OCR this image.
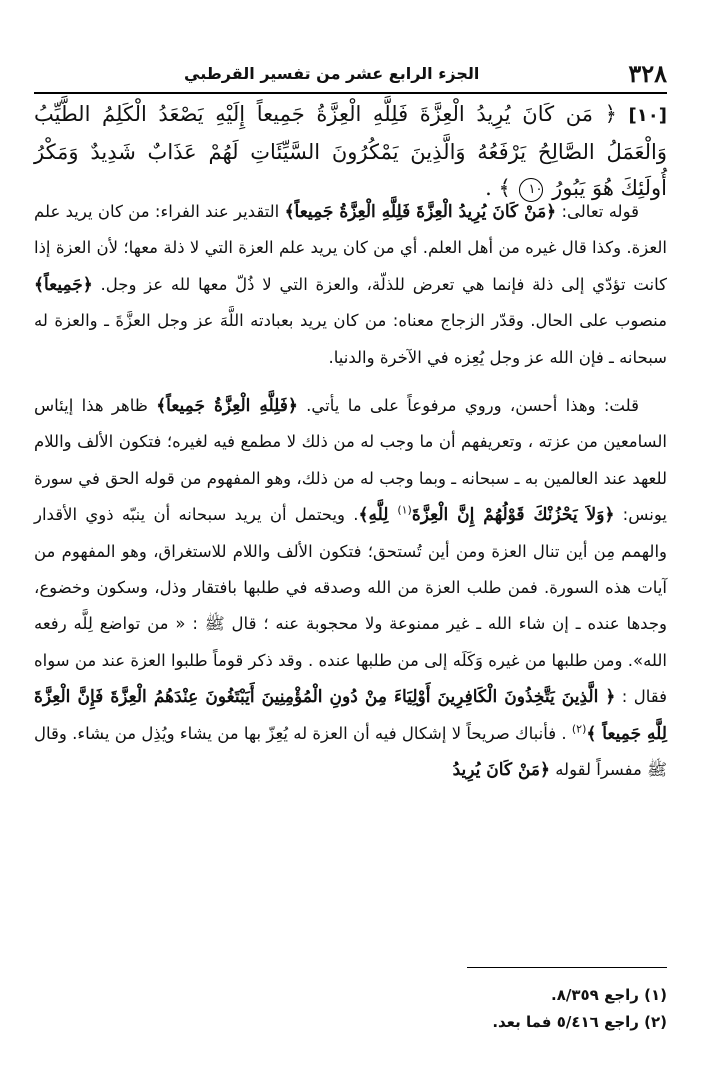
٣٢٨
الجزء الرابع عشر من تفسير القرطبي
[١٠] ﴿ مَن كَانَ يُرِيدُ الْعِزَّةَ فَلِلَّهِ الْعِزَّةُ جَمِيعاً إِلَيْهِ يَصْعَدُ الْكَلِمُ الطَّيِّبُ وَالْعَمَلُ الصَّالِحُ يَرْفَعُهُ وَالَّذِينَ يَمْكُرُونَ السَّيِّئَاتِ لَهُمْ عَذَابٌ شَدِيدٌ وَمَكْرُ أُولَئِكَ هُوَ يَبُورُ ١٠ ﴾ .

قوله تعالى: ﴿مَنْ كَانَ يُرِيدُ الْعِزَّةَ فَلِلَّهِ الْعِزَّةُ جَمِيعاً﴾ التقدير عند الفراء: من كان يريد علم العزة. وكذا قال غيره من أهل العلم. أي من كان يريد علم العزة التي لا ذلة معها؛ لأن العزة إذا كانت تؤدّي إلى ذلة فإنما هي تعرض للذلّة، والعزة التي لا ذُلّ معها لله عز وجل. ﴿جَمِيعاً﴾ منصوب على الحال. وقدّر الزجاج معناه: من كان يريد بعبادته اللَّهَ عز وجل العزَّةَ ـ والعزة له سبحانه ـ فإن الله عز وجل يُعِزه في الآخرة والدنيا.

قلت: وهذا أحسن، وروي مرفوعاً على ما يأتي. ﴿فَلِلَّهِ الْعِزَّةُ جَمِيعاً﴾ ظاهر هذا إيئاس السامعين من عزته ، وتعريفهم أن ما وجب له من ذلك لا مطمع فيه لغيره؛ فتكون الألف واللام للعهد عند العالمين به ـ سبحانه ـ وبما وجب له من ذلك، وهو المفهوم من قوله الحق في سورة يونس: ﴿وَلاَ يَحْزُنْكَ قَوْلُهُمْ إِنَّ الْعِزَّةَ$^{(١)}$ لِلَّهِ﴾. ويحتمل أن يريد سبحانه أن ينبّه ذوي الأقدار والهمم مِن أين تنال العزة ومن أين تُستحق؛ فتكون الألف واللام للاستغراق، وهو المفهوم من آيات هذه السورة. فمن طلب العزة من الله وصدقه في طلبها بافتقار وذل، وسكون وخضوع، وجدها عنده ـ إن شاء الله ـ غير ممنوعة ولا محجوبة عنه ؛ قال ﷺ : « من تواضع لِلَّه رفعه الله». ومن طلبها من غيره وَكَلَه إلى من طلبها عنده . وقد ذكر قوماً طلبوا العزة عند من سواه فقال : ﴿ الَّذِينَ يَتَّخِذُونَ الْكَافِرِينَ أَوْلِيَاءَ مِنْ دُونِ الْمُؤْمِنِينَ أَيَبْتَغُونَ عِنْدَهُمُ الْعِزَّةَ فَإِنَّ الْعِزَّةَ لِلَّهِ جَمِيعاً ﴾$^{(٢)}$ . فأنباك صريحاً لا إشكال فيه أن العزة له يُعِزّ بها من يشاء ويُذِل من يشاء. وقال ﷺ مفسراً لقوله ﴿مَنْ كَانَ يُرِيدُ

(١) راجع ٨/٣٥٩.
(٢) راجع ٥/٤١٦ فما بعد.
